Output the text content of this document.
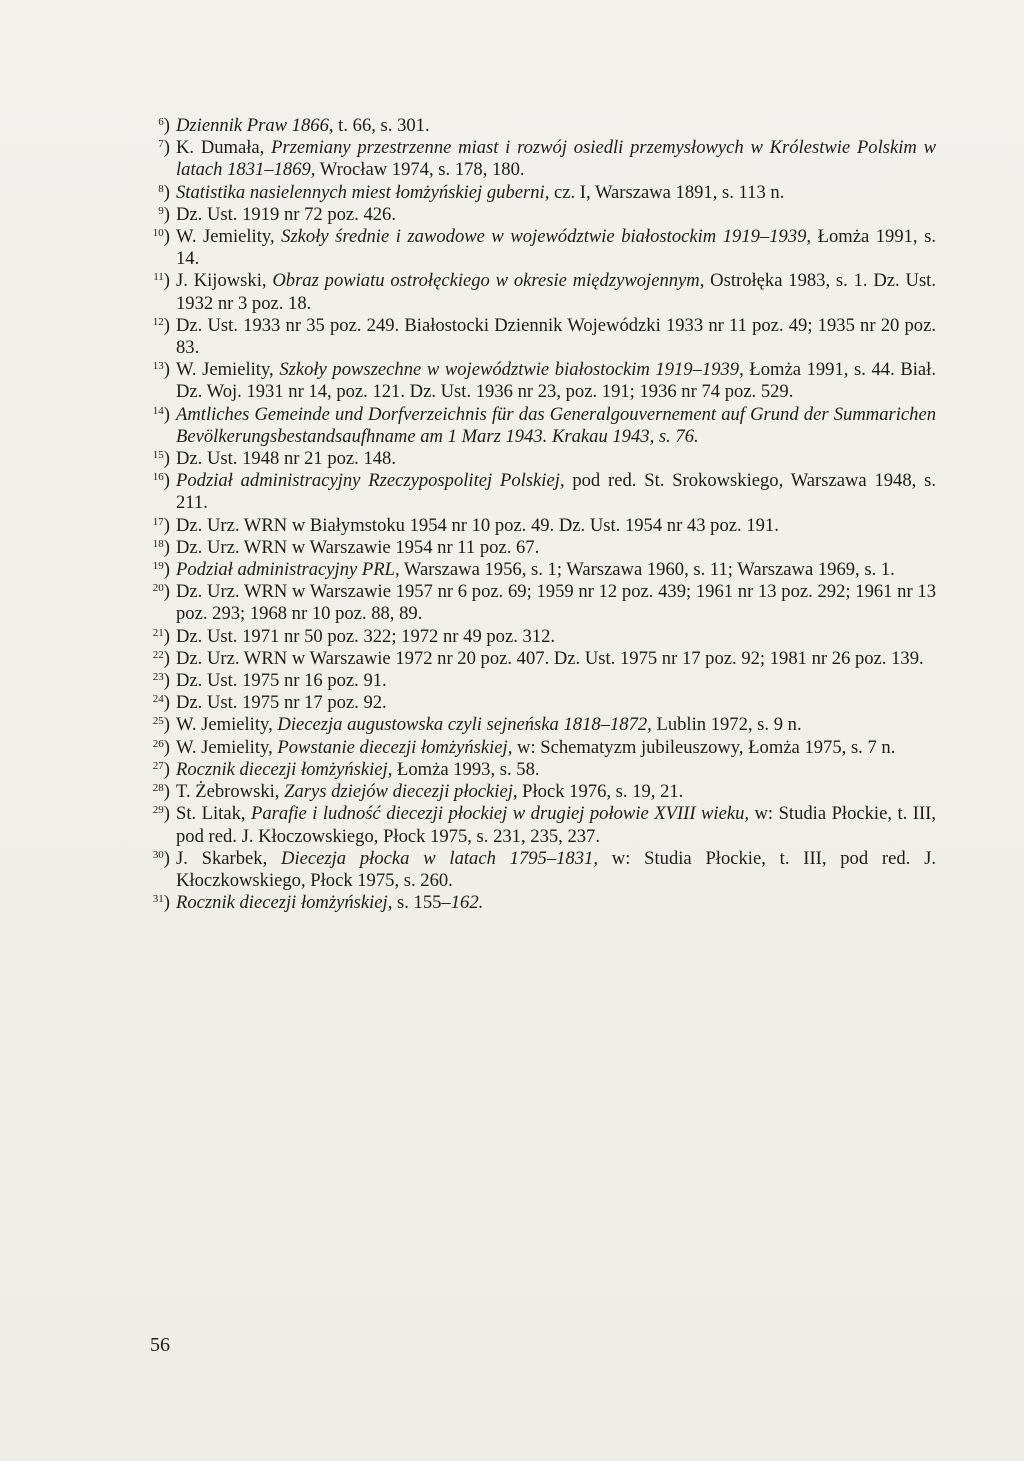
$^6$) Dziennik Praw 1866, t. 66, s. 301.

$^7$) K. Dumała, Przemiany przestrzenne miast i rozwój osiedli przemysłowych w Królestwie Polskim w latach 1831–1869, Wrocław 1974, s. 178, 180.

$^8$) Statistika nasielennych miest łomżyńskiej guberni, cz. I, Warszawa 1891, s. 113 n.

$^9$) Dz. Ust. 1919 nr 72 poz. 426.

$^{10}$) W. Jemielity, Szkoły średnie i zawodowe w województwie białostockim 1919–1939, Łomża 1991, s. 14.

$^{11}$) J. Kijowski, Obraz powiatu ostrołęckiego w okresie międzywojennym, Ostrołęka 1983, s. 1. Dz. Ust. 1932 nr 3 poz. 18.

$^{12}$) Dz. Ust. 1933 nr 35 poz. 249. Białostocki Dziennik Wojewódzki 1933 nr 11 poz. 49; 1935 nr 20 poz. 83.

$^{13}$) W. Jemielity, Szkoły powszechne w województwie białostockim 1919–1939, Łomża 1991, s. 44. Biał. Dz. Woj. 1931 nr 14, poz. 121. Dz. Ust. 1936 nr 23, poz. 191; 1936 nr 74 poz. 529.

$^{14}$) Amtliches Gemeinde und Dorfverzeichnis für das Generalgouvernement auf Grund der Summarichen Bevölkerungsbestandsaufhname am 1 Marz 1943. Krakau 1943, s. 76.

$^{15}$) Dz. Ust. 1948 nr 21 poz. 148.

$^{16}$) Podział administracyjny Rzeczypospolitej Polskiej, pod red. St. Srokowskiego, Warszawa 1948, s. 211.

$^{17}$) Dz. Urz. WRN w Białymstoku 1954 nr 10 poz. 49. Dz. Ust. 1954 nr 43 poz. 191.

$^{18}$) Dz. Urz. WRN w Warszawie 1954 nr 11 poz. 67.

$^{19}$) Podział administracyjny PRL, Warszawa 1956, s. 1; Warszawa 1960, s. 11; Warszawa 1969, s. 1.

$^{20}$) Dz. Urz. WRN w Warszawie 1957 nr 6 poz. 69; 1959 nr 12 poz. 439; 1961 nr 13 poz. 292; 1961 nr 13 poz. 293; 1968 nr 10 poz. 88, 89.

$^{21}$) Dz. Ust. 1971 nr 50 poz. 322; 1972 nr 49 poz. 312.

$^{22}$) Dz. Urz. WRN w Warszawie 1972 nr 20 poz. 407. Dz. Ust. 1975 nr 17 poz. 92; 1981 nr 26 poz. 139.

$^{23}$) Dz. Ust. 1975 nr 16 poz. 91.

$^{24}$) Dz. Ust. 1975 nr 17 poz. 92.

$^{25}$) W. Jemielity, Diecezja augustowska czyli sejneńska 1818–1872, Lublin 1972, s. 9 n.

$^{26}$) W. Jemielity, Powstanie diecezji łomżyńskiej, w: Schematyzm jubileuszowy, Łomża 1975, s. 7 n.

$^{27}$) Rocznik diecezji łomżyńskiej, Łomża 1993, s. 58.

$^{28}$) T. Żebrowski, Zarys dziejów diecezji płockiej, Płock 1976, s. 19, 21.

$^{29}$) St. Litak, Parafie i ludność diecezji płockiej w drugiej połowie XVIII wieku, w: Studia Płockie, t. III, pod red. J. Kłoczowskiego, Płock 1975, s. 231, 235, 237.

$^{30}$) J. Skarbek, Diecezja płocka w latach 1795–1831, w: Studia Płockie, t. III, pod red. J. Kłoczkowskiego, Płock 1975, s. 260.

$^{31}$) Rocznik diecezji łomżyńskiej, s. 155–162.

56
